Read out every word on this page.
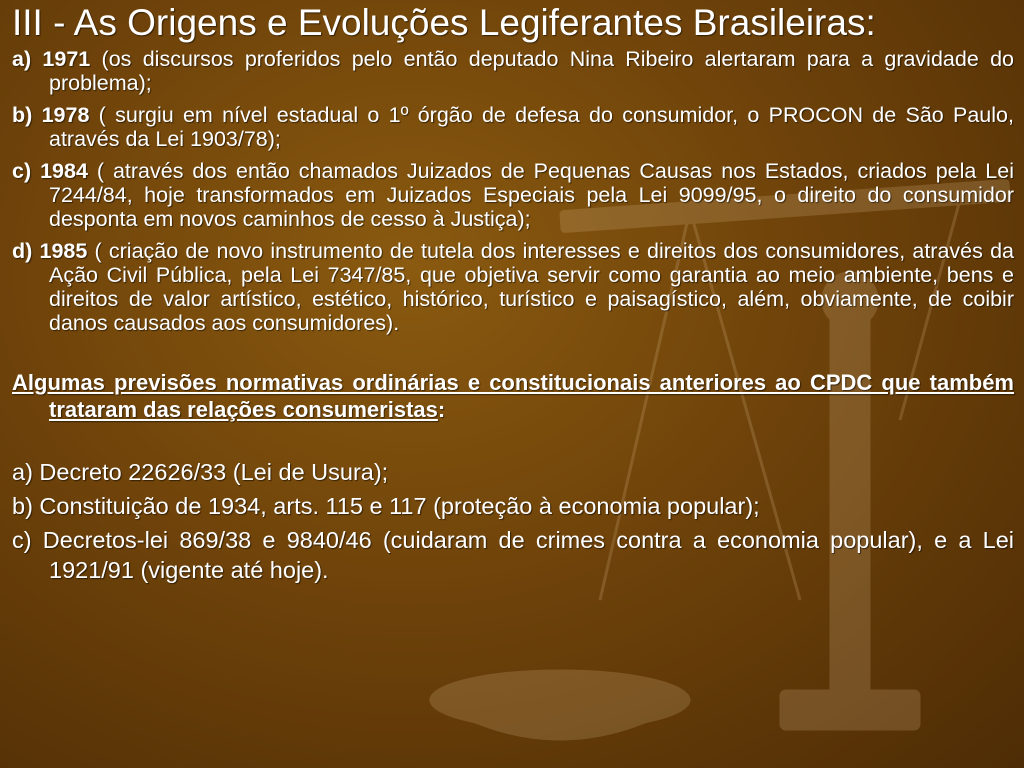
III - As Origens e Evoluções Legiferantes Brasileiras:
a) 1971 (os discursos proferidos pelo então deputado Nina Ribeiro alertaram para a gravidade do problema);
b) 1978 ( surgiu em nível estadual o 1º órgão de defesa do consumidor, o PROCON de São Paulo, através da Lei 1903/78);
c) 1984 ( através dos então chamados Juizados de Pequenas Causas nos Estados, criados pela Lei 7244/84, hoje transformados em Juizados Especiais pela Lei 9099/95, o direito do consumidor desponta em novos caminhos de cesso à Justiça);
d) 1985 ( criação de novo instrumento de tutela dos interesses e direitos dos consumidores, através da Ação Civil Pública, pela Lei 7347/85, que objetiva servir como garantia ao meio ambiente, bens e direitos de valor artístico, estético, histórico, turístico e paisagístico, além, obviamente, de coibir danos causados aos consumidores).
Algumas previsões normativas ordinárias e constitucionais anteriores ao CPDC que também trataram das relações consumeristas:
a) Decreto 22626/33 (Lei de Usura);
b) Constituição de 1934, arts. 115 e 117 (proteção à economia popular);
c) Decretos-lei 869/38 e 9840/46 (cuidaram de crimes contra a economia popular), e a Lei 1921/91 (vigente até hoje).
